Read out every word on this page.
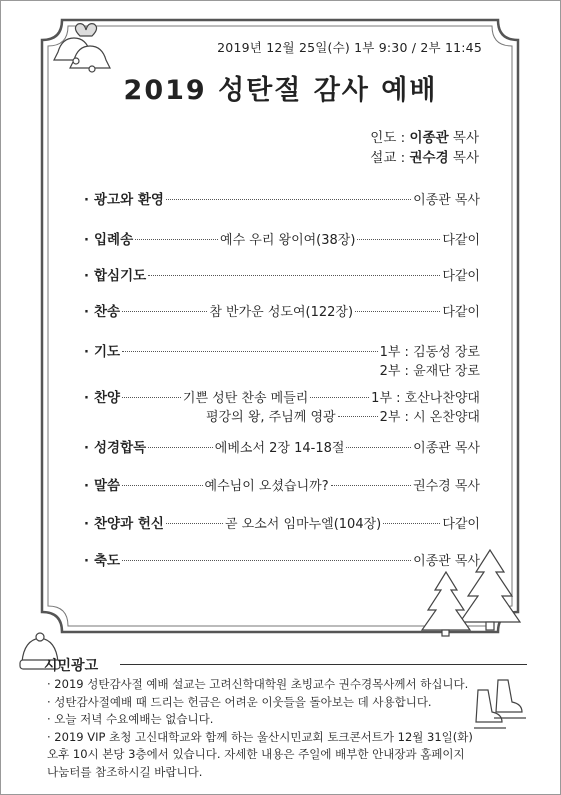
2019년 12월 25일(수) 1부 9:30 / 2부 11:45
2019 성탄절 감사 예배
인도 : 이종관 목사
설교 : 권수경 목사
· 광고와 환영	이종관 목사
· 입례송	예수 우리 왕이여(38장)	다같이
· 합심기도	다같이
· 찬송	참 반가운 성도여(122장)	다같이
· 기도	1부 : 김동성 장로
2부 : 윤재단 장로
· 찬양	기쁜 성탄 찬송 메들리	1부 : 호산나찬양대
평강의 왕, 주님께 영광	2부 : 시 온찬양대
· 성경합독	에베소서 2장 14-18절	이종관 목사
· 말씀	예수님이 오셨습니까?	권수경 목사
· 찬양과 헌신	곧 오소서 임마누엘(104장)	다같이
· 축도	이종관 목사
시민광고
· 2019 성탄감사절 예배 설교는 고려신학대학원 초빙교수 권수경목사께서 하십니다.
· 성탄감사절예배 때 드리는 헌금은 어려운 이웃들을 돌아보는 데 사용합니다.
· 오늘 저녁 수요예배는 없습니다.
· 2019 VIP 초청 고신대학교와 함께 하는 울산시민교회 토크콘서트가 12월 31일(화)
오후 10시 본당 3층에서 있습니다. 자세한 내용은 주일에 배부한 안내장과 홈페이지
나눔터를 참조하시길 바랍니다.
